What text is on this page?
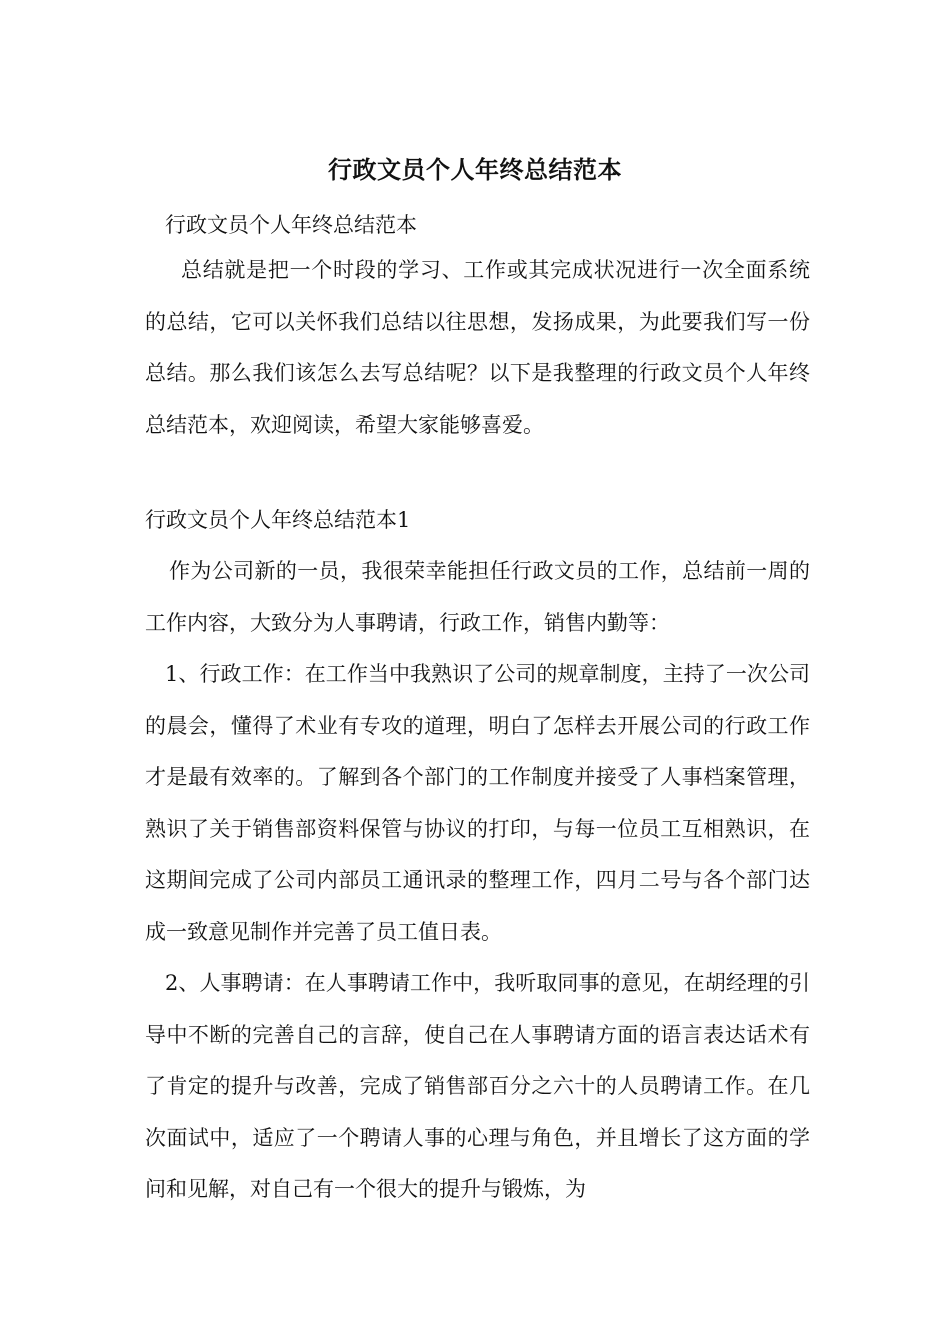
行政文员个人年终总结范本
行政文员个人年终总结范本
总结就是把一个时段的学习、工作或其完成状况进行一次全面系统的总结，它可以关怀我们总结以往思想，发扬成果，为此要我们写一份总结。那么我们该怎么去写总结呢？以下是我整理的行政文员个人年终总结范本，欢迎阅读，希望大家能够喜爱。
行政文员个人年终总结范本1
作为公司新的一员，我很荣幸能担任行政文员的工作，总结前一周的工作内容，大致分为人事聘请，行政工作，销售内勤等：
1、行政工作：在工作当中我熟识了公司的规章制度，主持了一次公司的晨会，懂得了术业有专攻的道理，明白了怎样去开展公司的行政工作才是最有效率的。了解到各个部门的工作制度并接受了人事档案管理，熟识了关于销售部资料保管与协议的打印，与每一位员工互相熟识，在这期间完成了公司内部员工通讯录的整理工作，四月二号与各个部门达成一致意见制作并完善了员工值日表。
2、人事聘请：在人事聘请工作中，我听取同事的意见，在胡经理的引导中不断的完善自己的言辞，使自己在人事聘请方面的语言表达话术有了肯定的提升与改善，完成了销售部百分之六十的人员聘请工作。在几次面试中，适应了一个聘请人事的心理与角色，并且增长了这方面的学问和见解，对自己有一个很大的提升与锻炼，为
